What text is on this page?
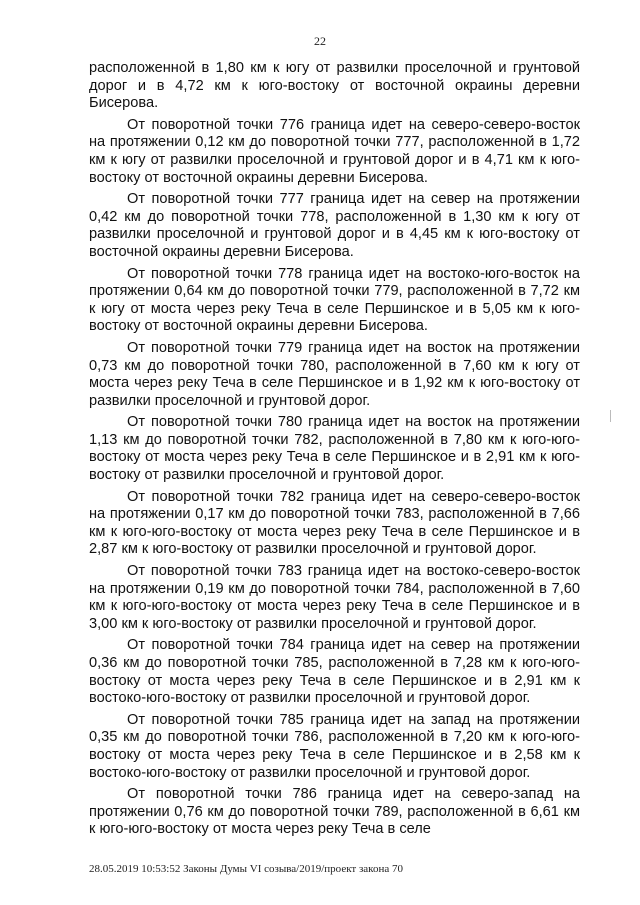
22

расположенной в 1,80 км к югу от развилки проселочной и грунтовой дорог и в 4,72 км к юго-востоку от восточной окраины деревни Бисерова.

От поворотной точки 776 граница идет на северо-северо-восток на протяжении 0,12 км до поворотной точки 777, расположенной в 1,72 км к югу от развилки проселочной и грунтовой дорог и в 4,71 км к юго-востоку от восточной окраины деревни Бисерова.

От поворотной точки 777 граница идет на север на протяжении 0,42 км до поворотной точки 778, расположенной в 1,30 км к югу от развилки проселочной и грунтовой дорог и в 4,45 км к юго-востоку от восточной окраины деревни Бисерова.

От поворотной точки 778 граница идет на востоко-юго-восток на протяжении 0,64 км до поворотной точки 779, расположенной в 7,72 км к югу от моста через реку Теча в селе Першинское и в 5,05 км к юго-востоку от восточной окраины деревни Бисерова.

От поворотной точки 779 граница идет на восток на протяжении 0,73 км до поворотной точки 780, расположенной в 7,60 км к югу от моста через реку Теча в селе Першинское и в 1,92 км к юго-востоку от развилки проселочной и грунтовой дорог.

От поворотной точки 780 граница идет на восток на протяжении 1,13 км до поворотной точки 782, расположенной в 7,80 км к юго-юго-востоку от моста через реку Теча в селе Першинское и в 2,91 км к юго-востоку от развилки проселочной и грунтовой дорог.

От поворотной точки 782 граница идет на северо-северо-восток на протяжении 0,17 км до поворотной точки 783, расположенной в 7,66 км к юго-юго-востоку от моста через реку Теча в селе Першинское и в 2,87 км к юго-востоку от развилки проселочной и грунтовой дорог.

От поворотной точки 783 граница идет на востоко-северо-восток на протяжении 0,19 км до поворотной точки 784, расположенной в 7,60 км к юго-юго-востоку от моста через реку Теча в селе Першинское и в 3,00 км к юго-востоку от развилки проселочной и грунтовой дорог.

От поворотной точки 784 граница идет на север на протяжении 0,36 км до поворотной точки 785, расположенной в 7,28 км к юго-юго-востоку от моста через реку Теча в селе Першинское и в 2,91 км к востоко-юго-востоку от развилки проселочной и грунтовой дорог.

От поворотной точки 785 граница идет на запад на протяжении 0,35 км до поворотной точки 786, расположенной в 7,20 км к юго-юго-востоку от моста через реку Теча в селе Першинское и в 2,58 км к востоко-юго-востоку от развилки проселочной и грунтовой дорог.

От поворотной точки 786 граница идет на северо-запад на протяжении 0,76 км до поворотной точки 789, расположенной в 6,61 км к юго-юго-востоку от моста через реку Теча в селе

28.05.2019 10:53:52 Законы Думы VI созыва/2019/проект закона 70
